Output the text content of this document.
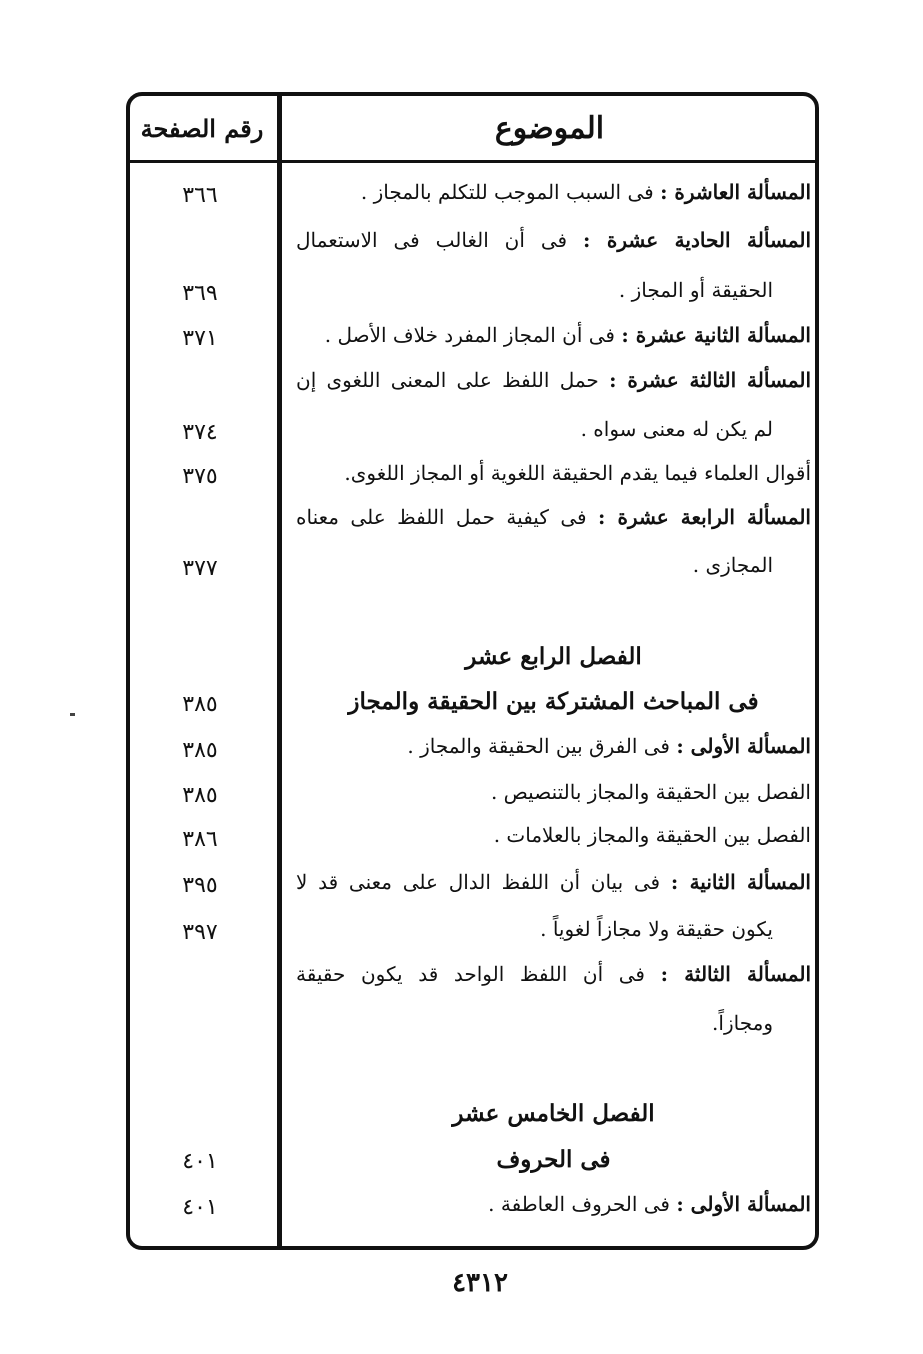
الموضوع
رقم الصفحة
المسألة العاشرة : فى السبب الموجب للتكلم بالمجاز .
المسألة الحادية عشرة : فى أن الغالب فى الاستعمال
الحقيقة أو المجاز .
المسألة الثانية عشرة : فى أن المجاز المفرد خلاف الأصل .
المسألة الثالثة عشرة : حمل اللفظ على المعنى اللغوى إن
لم يكن له معنى سواه .
أقوال العلماء فيما يقدم الحقيقة اللغوية أو المجاز اللغوى.
المسألة الرابعة عشرة : فى كيفية حمل اللفظ على معناه
المجازى .
الفصل الرابع عشر
فى المباحث المشتركة بين الحقيقة والمجاز
المسألة الأولى : فى الفرق بين الحقيقة والمجاز .
الفصل بين الحقيقة والمجاز بالتنصيص .
الفصل بين الحقيقة والمجاز بالعلامات .
المسألة الثانية : فى بيان أن اللفظ الدال على معنى قد لا
يكون حقيقة ولا مجازاً لغوياً .
المسألة الثالثة : فى أن اللفظ الواحد قد يكون حقيقة
ومجازاً.
الفصل الخامس عشر
فى الحروف
المسألة الأولى : فى الحروف العاطفة .
٣٦٦
٣٦٩
٣٧١
٣٧٤
٣٧٥
٣٧٧
٣٨٥
٣٨٥
٣٨٥
٣٨٦
٣٩٥
٣٩٧
٤٠١
٤٠١
٤٣١٢
